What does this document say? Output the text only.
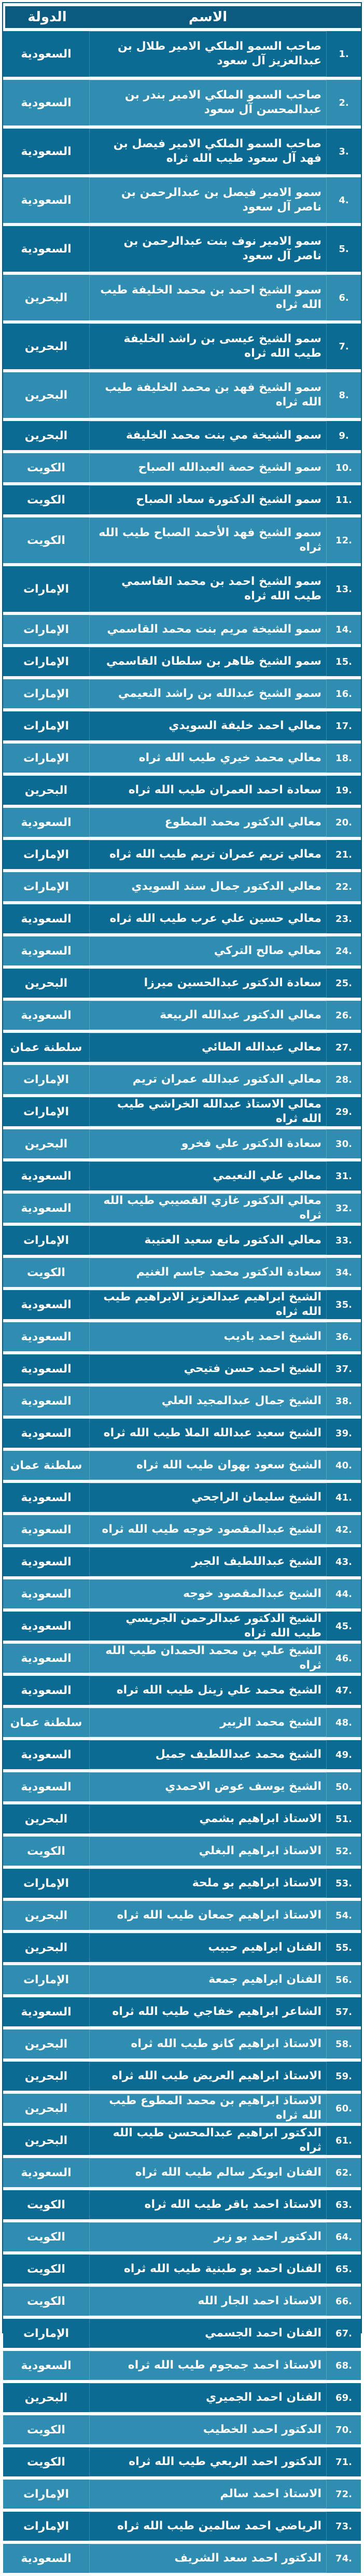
الدولة	الاسم	
السعودية	صاحب السمو الملكي الامير طلال بن عبدالعزيز آل سعود	1.
السعودية	صاحب السمو الملكي الامير بندر بن عبدالمحسن آل سعود	2.
السعودية	صاحب السمو الملكي الامير فيصل بن فهد آل سعود طيب الله ثراه	3.
السعودية	سمو الامير فيصل بن عبدالرحمن بن ناصر آل سعود	4.
السعودية	سمو الامير نوف بنت عبدالرحمن بن ناصر آل سعود	5.
البحرين	سمو الشيخ احمد بن محمد الخليفة طيب الله ثراه	6.
البحرين	سمو الشيخ عيسى بن راشد الخليفة طيب الله ثراه	7.
البحرين	سمو الشيخ فهد بن محمد الخليفة طيب الله ثراه	8.
البحرين	سمو الشيخة مي بنت محمد الخليفة	9.
الكويت	سمو الشيخ حصة العبدالله الصباح	10.
الكويت	سمو الشيخ الدكتورة سعاد الصباح	11.
الكويت	سمو الشيخ فهد الأحمد الصباح طيب الله ثراه	12.
الإمارات	سمو الشيخ احمد بن محمد القاسمي طيب الله ثراه	13.
الإمارات	سمو الشيخة مريم بنت محمد القاسمي	14.
الإمارات	سمو الشيخ ظاهر بن سلطان القاسمي	15.
الإمارات	سمو الشيخ عبدالله بن راشد النعيمي	16.
الإمارات	معالي احمد خليفة السويدي	17.
الإمارات	معالي محمد خيري طيب الله ثراه	18.
البحرين	سعادة احمد العمران طيب الله ثراه	19.
السعودية	معالي الدكتور محمد المطوع	20.
الإمارات	معالي تريم عمران تريم طيب الله ثراه	21.
الإمارات	معالي الدكتور جمال سند السويدي	22.
السعودية	معالي حسين علي عرب طيب الله ثراه	23.
السعودية	معالي صالح التركي	24.
البحرين	سعادة الدكتور عبدالحسين ميرزا	25.
السعودية	معالي الدكتور عبدالله الربيعة	26.
سلطنة عمان	معالي عبدالله الطائي	27.
الإمارات	معالي الدكتور عبدالله عمران تريم	28.
الإمارات	معالي الاستاذ عبدالله الخراشي طيب الله ثراه	29.
البحرين	سعادة الدكتور علي فخرو	30.
السعودية	معالي علي النعيمي	31.
السعودية	معالي الدكتور غازي القصيبي طيب الله ثراه	32.
الإمارات	معالي الدكتور مانع سعيد العتيبة	33.
الكويت	سعادة الدكتور محمد جاسم الغنيم	34.
السعودية	الشيخ ابراهيم عبدالعزيز الابراهيم طيب الله ثراه	35.
السعودية	الشيخ احمد باديب	36.
السعودية	الشيخ احمد حسن فتيحي	37.
السعودية	الشيخ جمال عبدالمجيد العلي	38.
السعودية	الشيخ سعيد عبدالله الملا طيب الله ثراه	39.
سلطنة عمان	الشيخ سعود بهوان طيب الله ثراه	40.
السعودية	الشيخ سليمان الراجحي	41.
السعودية	الشيخ عبدالمقصود خوجه طيب الله ثراه	42.
السعودية	الشيخ عبداللطيف الجبر	43.
السعودية	الشيخ عبدالمقصود خوجه	44.
السعودية	الشيخ الدكتور عبدالرحمن الجريسي طيب الله ثراه	45.
السعودية	الشيخ علي بن محمد الحمدان طيب الله ثراه	46.
السعودية	الشيخ محمد علي زينل طيب الله ثراه	47.
سلطنة عمان	الشيخ محمد الزبير	48.
السعودية	الشيخ محمد عبداللطيف جميل	49.
السعودية	الشيخ يوسف عوض الاحمدي	50.
البحرين	الاستاذ ابراهيم بشمي	51.
الكويت	الاستاذ ابراهيم البغلي	52.
الإمارات	الاستاذ ابراهيم بو ملحة	53.
البحرين	الاستاذ ابراهيم جمعان طيب الله ثراه	54.
البحرين	الفنان ابراهيم حبيب	55.
الإمارات	الفنان ابراهيم جمعة	56.
السعودية	الشاعر ابراهيم خفاجي طيب الله ثراه	57.
البحرين	الاستاذ ابراهيم كانو طيب الله ثراه	58.
البحرين	الاستاذ ابراهيم العريض طيب الله ثراه	59.
البحرين	الاستاذ ابراهيم بن محمد المطوع طيب الله ثراه	60.
البحرين	الدكتور ابراهيم عبدالمحسن طيب الله ثراه	61.
السعودية	الفنان ابوبكر سالم طيب الله ثراه	62.
الكويت	الاستاذ احمد باقر طيب الله ثراه	63.
الكويت	الدكتور احمد بو زبر	64.
الكويت	الفنان احمد بو طبنية طيب الله ثراه	65.
الكويت	الاستاذ احمد الجار الله	66.
الإمارات	الفنان احمد الجسمي	67.
السعودية	الاستاذ احمد جمجوم طيب الله ثراه	68.
البحرين	الفنان احمد الجميري	69.
الكويت	الدكتور احمد الخطيب	70.
الكويت	الدكتور احمد الربعي طيب الله ثراه	71.
الإمارات	الاستاذ احمد سالم	72.
الإمارات	الرياضي احمد سالمين طيب الله ثراه	73.
السعودية	الدكتور احمد سعد الشريف	74.
